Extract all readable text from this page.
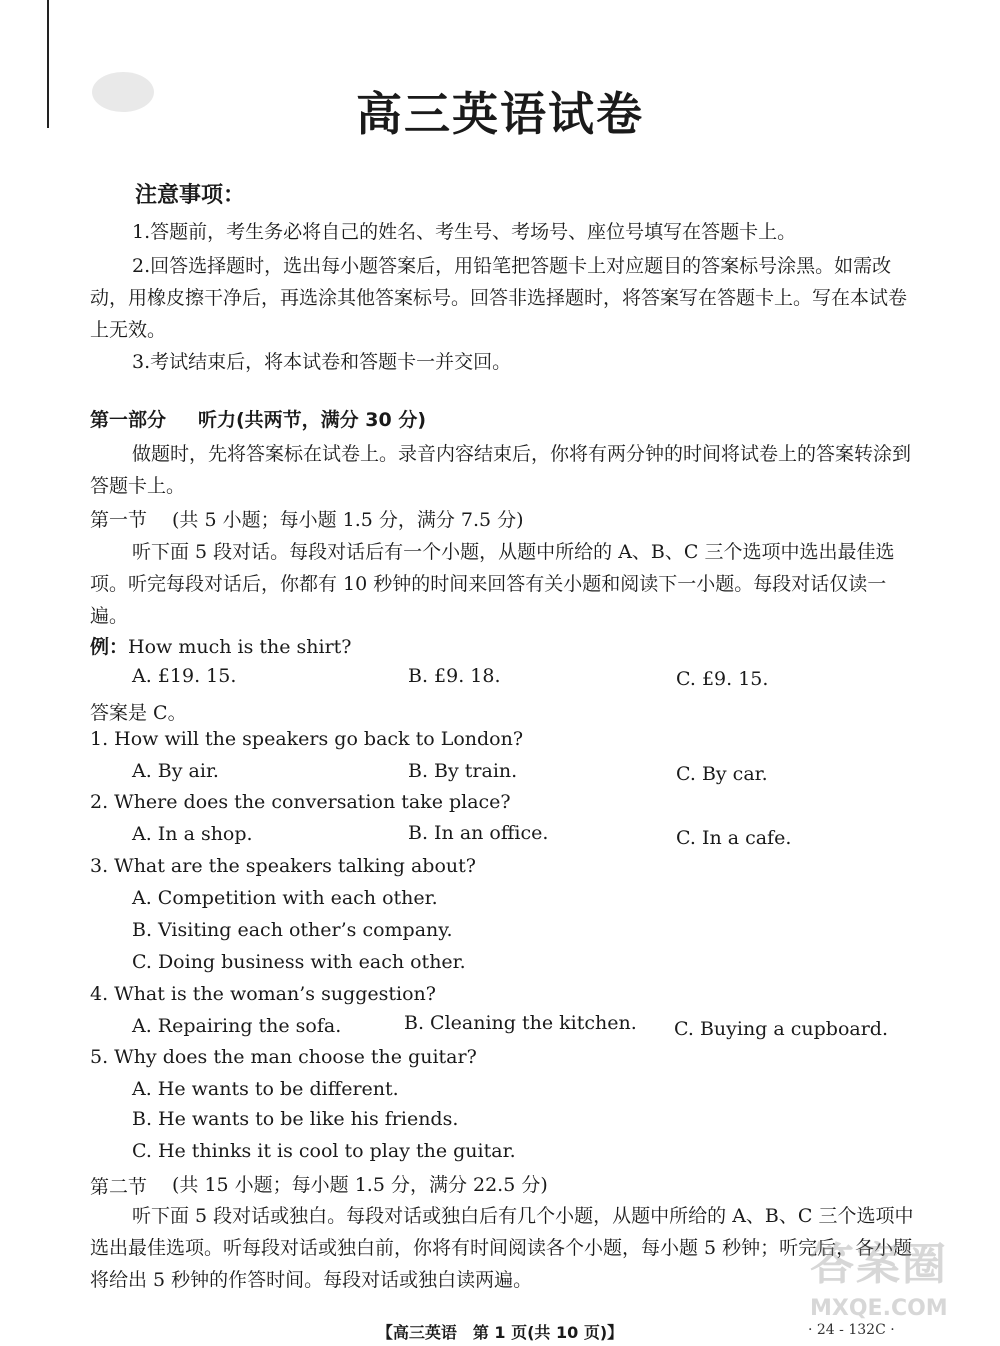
高三英语试卷
注意事项：
1.答题前，考生务必将自己的姓名、考生号、考场号、座位号填写在答题卡上。
2.回答选择题时，选出每小题答案后，用铅笔把答题卡上对应题目的答案标号涂黑。如需改动，用橡皮擦干净后，再选涂其他答案标号。回答非选择题时，将答案写在答题卡上。写在本试卷上无效。
3.考试结束后，将本试卷和答题卡一并交回。
第一部分 听力(共两节，满分 30 分)
做题时，先将答案标在试卷上。录音内容结束后，你将有两分钟的时间将试卷上的答案转涂到答题卡上。
第一节 (共 5 小题；每小题 1.5 分，满分 7.5 分)
听下面 5 段对话。每段对话后有一个小题，从题中所给的 A、B、C 三个选项中选出最佳选项。听完每段对话后，你都有 10 秒钟的时间来回答有关小题和阅读下一小题。每段对话仅读一遍。
例：How much is the shirt?
A. £19. 15.	B. £9. 18.	C. £9. 15.
答案是 C。
1. How will the speakers go back to London?
A. By air.	B. By train.	C. By car.
2. Where does the conversation take place?
A. In a shop.	B. In an office.	C. In a cafe.
3. What are the speakers talking about?
A. Competition with each other.
B. Visiting each other’s company.
C. Doing business with each other.
4. What is the woman’s suggestion?
A. Repairing the sofa.	B. Cleaning the kitchen. C. Buying a cupboard.
5. Why does the man choose the guitar?
A. He wants to be different.
B. He wants to be like his friends.
C. He thinks it is cool to play the guitar.
第二节 (共 15 小题；每小题 1.5 分，满分 22.5 分)
听下面 5 段对话或独白。每段对话或独白后有几个小题，从题中所给的 A、B、C 三个选项中选出最佳选项。听每段对话或独白前，你将有时间阅读各个小题，每小题 5 秒钟；听完后，各小题将给出 5 秒钟的作答时间。每段对话或独白读两遍。
【高三英语　第 1 页(共 10 页)】	· 24 - 132C ·
答案圈
MXQE.COM
